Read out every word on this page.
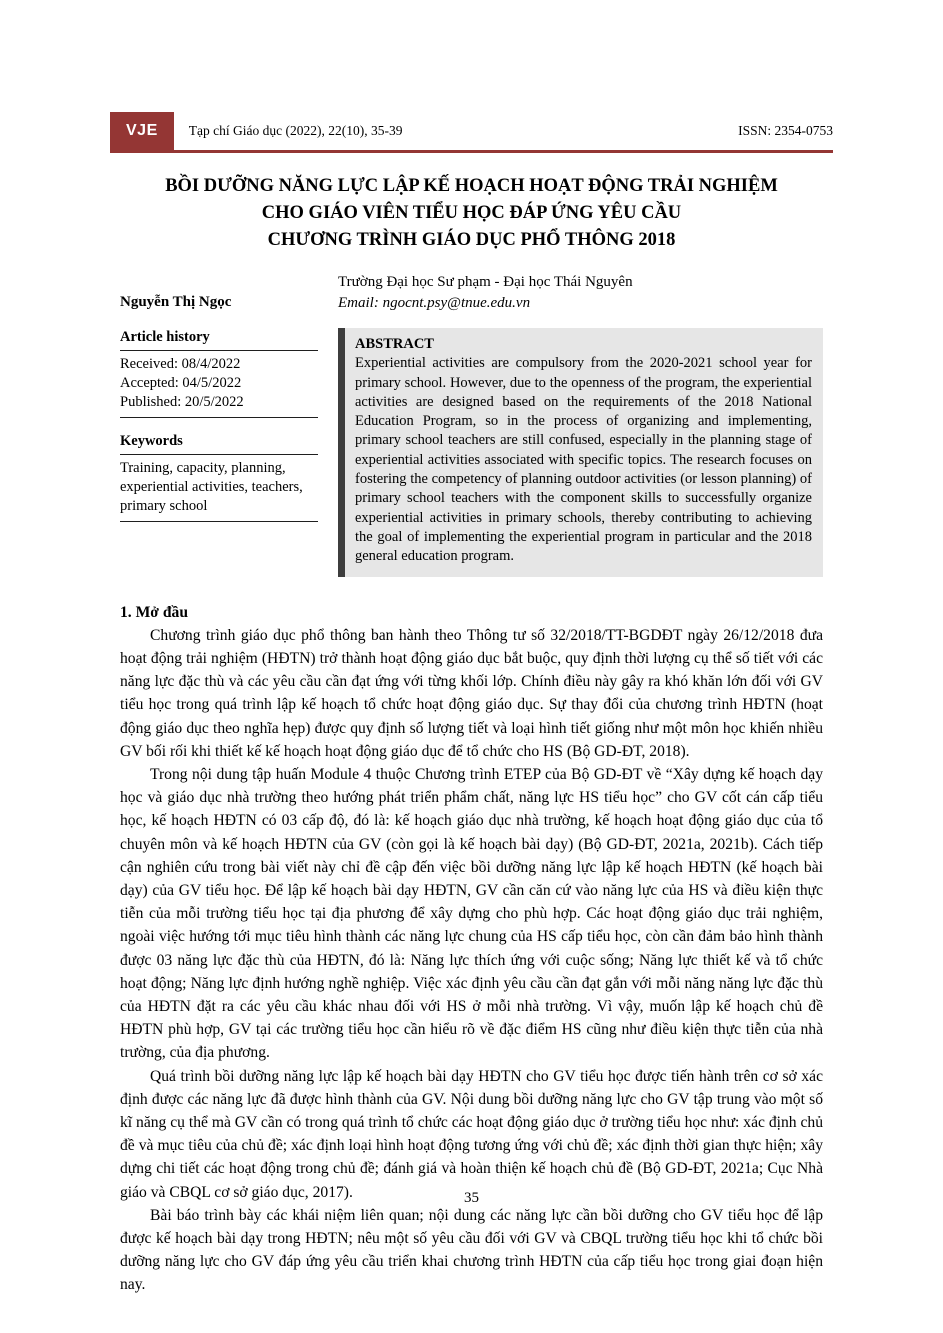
VJE	Tạp chí Giáo dục (2022), 22(10), 35-39	ISSN: 2354-0753
BỒI DƯỠNG NĂNG LỰC LẬP KẾ HOẠCH HOẠT ĐỘNG TRẢI NGHIỆM
CHO GIÁO VIÊN TIỂU HỌC ĐÁP ỨNG YÊU CẦU
CHƯƠNG TRÌNH GIÁO DỤC PHỔ THÔNG 2018
Nguyễn Thị Ngọc
Trường Đại học Sư phạm - Đại học Thái Nguyên
Email: ngocnt.psy@tnue.edu.vn
Article history
Received: 08/4/2022
Accepted: 04/5/2022
Published: 20/5/2022
Keywords
Training, capacity, planning, experiential activities, teachers, primary school
ABSTRACT
Experiential activities are compulsory from the 2020-2021 school year for primary school. However, due to the openness of the program, the experiential activities are designed based on the requirements of the 2018 National Education Program, so in the process of organizing and implementing, primary school teachers are still confused, especially in the planning stage of experiential activities associated with specific topics. The research focuses on fostering the competency of planning outdoor activities (or lesson planning) of primary school teachers with the component skills to successfully organize experiential activities in primary schools, thereby contributing to achieving the goal of implementing the experiential program in particular and the 2018 general education program.
1. Mở đầu

Chương trình giáo dục phổ thông ban hành theo Thông tư số 32/2018/TT-BGDĐT ngày 26/12/2018 đưa hoạt động trải nghiệm (HĐTN) trở thành hoạt động giáo dục bắt buộc, quy định thời lượng cụ thể số tiết với các năng lực đặc thù và các yêu cầu cần đạt ứng với từng khối lớp. Chính điều này gây ra khó khăn lớn đối với GV tiểu học trong quá trình lập kế hoạch tổ chức hoạt động giáo dục. Sự thay đổi của chương trình HĐTN (hoạt động giáo dục theo nghĩa hẹp) được quy định số lượng tiết và loại hình tiết giống như một môn học khiến nhiều GV bối rối khi thiết kế kế hoạch hoạt động giáo dục để tổ chức cho HS (Bộ GD-ĐT, 2018).

Trong nội dung tập huấn Module 4 thuộc Chương trình ETEP của Bộ GD-ĐT về “Xây dựng kế hoạch dạy học và giáo dục nhà trường theo hướng phát triển phẩm chất, năng lực HS tiểu học” cho GV cốt cán cấp tiểu học, kế hoạch HĐTN có 03 cấp độ, đó là: kế hoạch giáo dục nhà trường, kế hoạch hoạt động giáo dục của tổ chuyên môn và kế hoạch HĐTN của GV (còn gọi là kế hoạch bài dạy) (Bộ GD-ĐT, 2021a, 2021b). Cách tiếp cận nghiên cứu trong bài viết này chỉ đề cập đến việc bồi dưỡng năng lực lập kế hoạch HĐTN (kế hoạch bài dạy) của GV tiểu học. Để lập kế hoạch bài dạy HĐTN, GV cần căn cứ vào năng lực của HS và điều kiện thực tiễn của mỗi trường tiểu học tại địa phương để xây dựng cho phù hợp. Các hoạt động giáo dục trải nghiệm, ngoài việc hướng tới mục tiêu hình thành các năng lực chung của HS cấp tiểu học, còn cần đảm bảo hình thành được 03 năng lực đặc thù của HĐTN, đó là: Năng lực thích ứng với cuộc sống; Năng lực thiết kế và tổ chức hoạt động; Năng lực định hướng nghề nghiệp. Việc xác định yêu cầu cần đạt gắn với mỗi năng năng lực đặc thù của HĐTN đặt ra các yêu cầu khác nhau đối với HS ở mỗi nhà trường. Vì vậy, muốn lập kế hoạch chủ đề HĐTN phù hợp, GV tại các trường tiểu học cần hiểu rõ về đặc điểm HS cũng như điều kiện thực tiễn của nhà trường, của địa phương.

Quá trình bồi dưỡng năng lực lập kế hoạch bài dạy HĐTN cho GV tiểu học được tiến hành trên cơ sở xác định được các năng lực đã được hình thành của GV. Nội dung bồi dưỡng năng lực cho GV tập trung vào một số kĩ năng cụ thể mà GV cần có trong quá trình tổ chức các hoạt động giáo dục ở trường tiểu học như: xác định chủ đề và mục tiêu của chủ đề; xác định loại hình hoạt động tương ứng với chủ đề; xác định thời gian thực hiện; xây dựng chi tiết các hoạt động trong chủ đề; đánh giá và hoàn thiện kế hoạch chủ đề (Bộ GD-ĐT, 2021a; Cục Nhà giáo và CBQL cơ sở giáo dục, 2017).

Bài báo trình bày các khái niệm liên quan; nội dung các năng lực cần bồi dưỡng cho GV tiểu học để lập được kế hoạch bài dạy trong HĐTN; nêu một số yêu cầu đối với GV và CBQL trường tiểu học khi tổ chức bồi dưỡng năng lực cho GV đáp ứng yêu cầu triển khai chương trình HĐTN của cấp tiểu học trong giai đoạn hiện nay.

35
